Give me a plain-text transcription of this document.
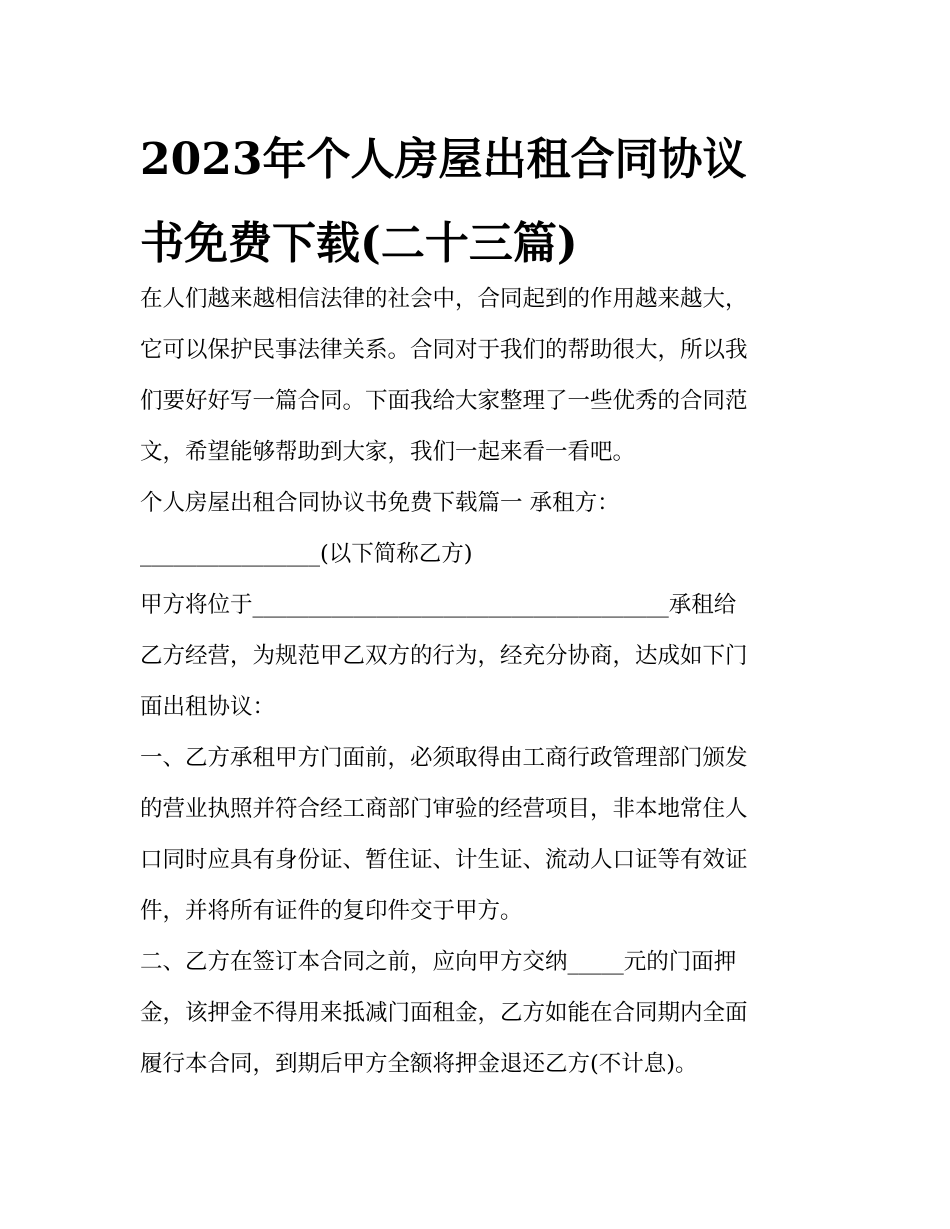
2023年个人房屋出租合同协议
书免费下载(二十三篇)
在人们越来越相信法律的社会中，合同起到的作用越来越大，
它可以保护民事法律关系。合同对于我们的帮助很大，所以我
们要好好写一篇合同。下面我给大家整理了一些优秀的合同范
文，希望能够帮助到大家，我们一起来看一看吧。
个人房屋出租合同协议书免费下载篇一 承租方：
________________(以下简称乙方)
甲方将位于_____________________________________承租给
乙方经营，为规范甲乙双方的行为，经充分协商，达成如下门
面出租协议：
一、乙方承租甲方门面前，必须取得由工商行政管理部门颁发
的营业执照并符合经工商部门审验的经营项目，非本地常住人
口同时应具有身份证、暂住证、计生证、流动人口证等有效证
件，并将所有证件的复印件交于甲方。
二、乙方在签订本合同之前，应向甲方交纳_____元的门面押
金，该押金不得用来抵减门面租金，乙方如能在合同期内全面
履行本合同，到期后甲方全额将押金退还乙方(不计息)。
